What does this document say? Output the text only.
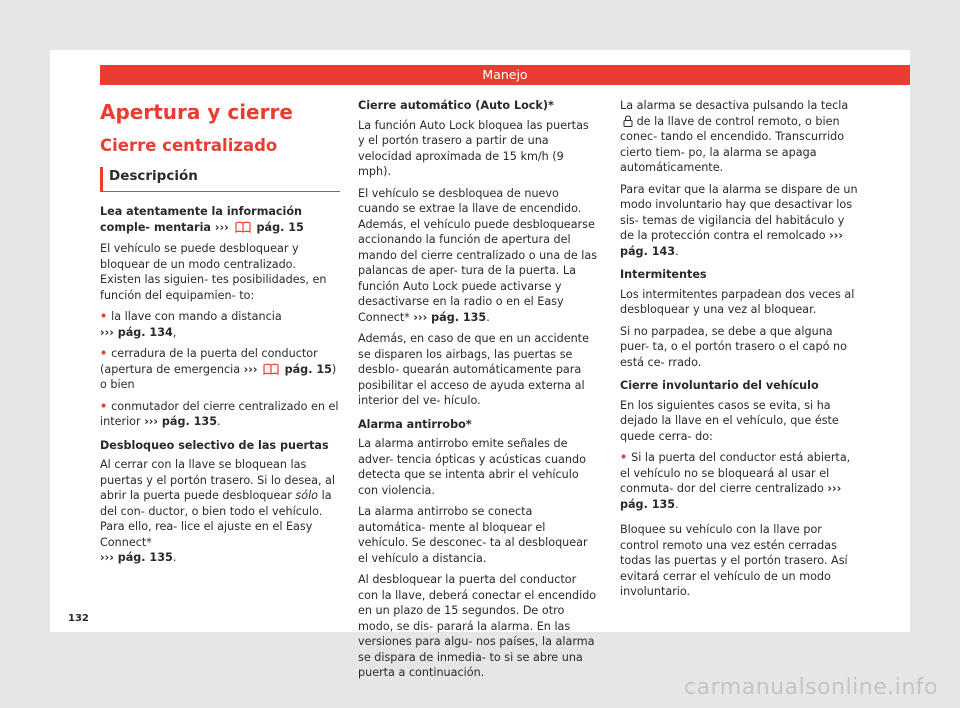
Manejo
Apertura y cierre
Cierre centralizado
Descripción

Lea atentamente la información comple- mentaria ››› pág. 15

El vehículo se puede desbloquear y bloquear de un modo centralizado. Existen las siguien- tes posibilidades, en función del equipamien- to:

• la llave con mando a distancia
››› pág. 134,

• cerradura de la puerta del conductor (apertura de emergencia ››› pág. 15) o bien

• conmutador del cierre centralizado en el interior ››› pág. 135.

Desbloqueo selectivo de las puertas

Al cerrar con la llave se bloquean las puertas y el portón trasero. Si lo desea, al abrir la puerta puede desbloquear sólo la del con- ductor, o bien todo el vehículo. Para ello, rea- lice el ajuste en el Easy Connect*
››› pág. 135.

Cierre automático (Auto Lock)*

La función Auto Lock bloquea las puertas y el portón trasero a partir de una velocidad aproximada de 15 km/h (9 mph).

El vehículo se desbloquea de nuevo cuando se extrae la llave de encendido. Además, el vehículo puede desbloquearse accionando la función de apertura del mando del cierre centralizado o una de las palancas de aper- tura de la puerta. La función Auto Lock puede activarse y desactivarse en la radio o en el Easy Connect* ››› pág. 135.

Además, en caso de que en un accidente se disparen los airbags, las puertas se desblo- quearán automáticamente para posibilitar el acceso de ayuda externa al interior del ve- hículo.

Alarma antirrobo*

La alarma antirrobo emite señales de adver- tencia ópticas y acústicas cuando detecta que se intenta abrir el vehículo con violencia.

La alarma antirrobo se conecta automática- mente al bloquear el vehículo. Se desconec- ta al desbloquear el vehículo a distancia.

Al desbloquear la puerta del conductor con la llave, deberá conectar el encendido en un plazo de 15 segundos. De otro modo, se dis- parará la alarma. En las versiones para algu- nos países, la alarma se dispara de inmedia- to si se abre una puerta a continuación.

La alarma se desactiva pulsando la tecla  de la llave de control remoto, o bien conec- tando el encendido. Transcurrido cierto tiem- po, la alarma se apaga automáticamente.

Para evitar que la alarma se dispare de un modo involuntario hay que desactivar los sis- temas de vigilancia del habitáculo y de la protección contra el remolcado ››› pág. 143.

Intermitentes

Los intermitentes parpadean dos veces al desbloquear y una vez al bloquear.

Si no parpadea, se debe a que alguna puer- ta, o el portón trasero o el capó no está ce- rrado.

Cierre involuntario del vehículo

En los siguientes casos se evita, si ha dejado la llave en el vehículo, que éste quede cerra- do:

• Si la puerta del conductor está abierta, el vehículo no se bloqueará al usar el conmuta- dor del cierre centralizado ››› pág. 135.

Bloquee su vehículo con la llave por control remoto una vez estén cerradas todas las puertas y el portón trasero. Así evitará cerrar el vehículo de un modo involuntario.

132
carmanualsonline.info
